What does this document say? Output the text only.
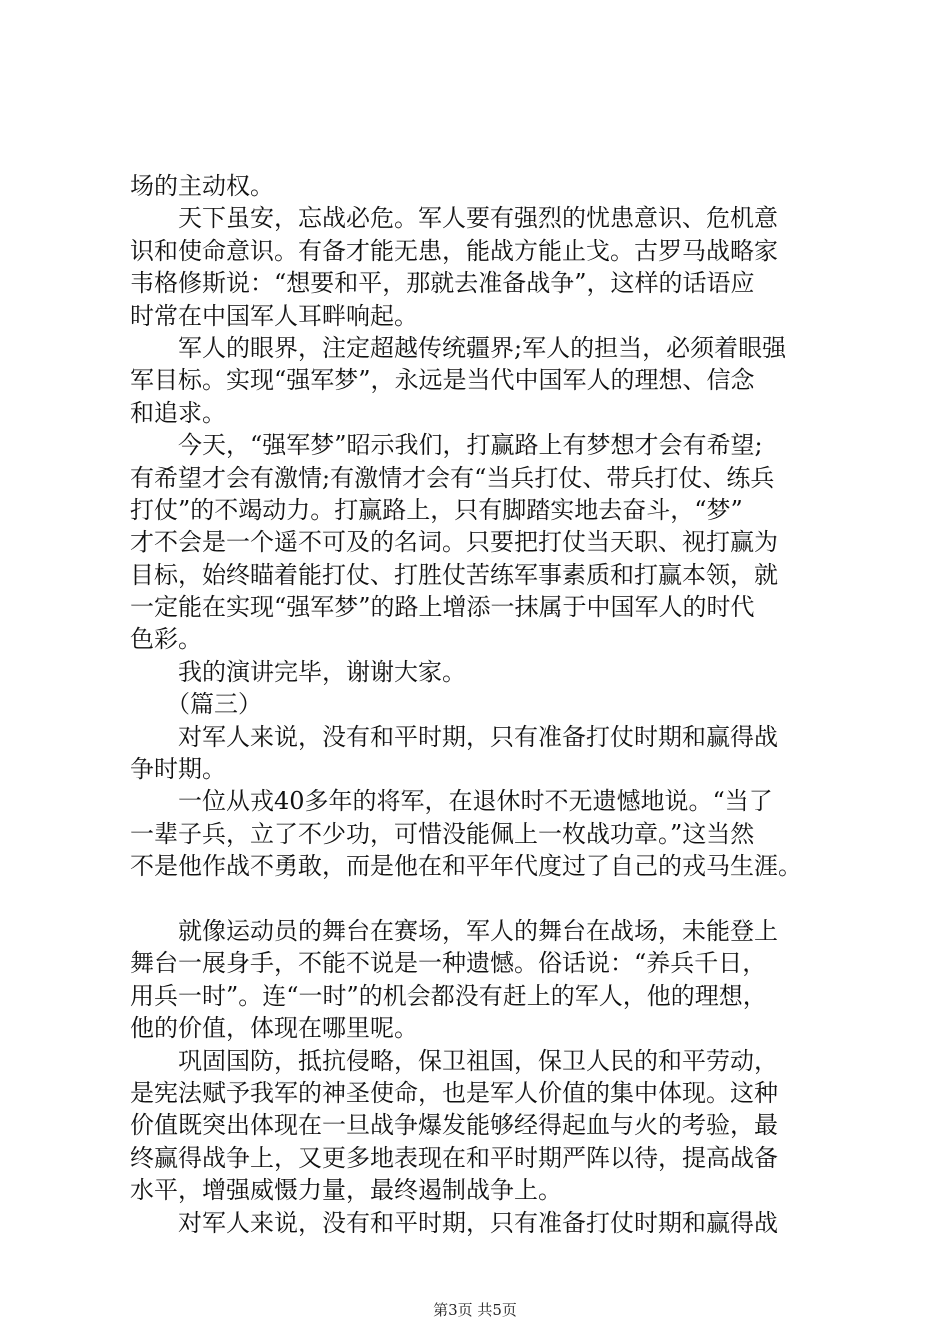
场的主动权。
　　天下虽安，忘战必危。军人要有强烈的忧患意识、危机意
识和使命意识。有备才能无患，能战方能止戈。古罗马战略家
韦格修斯说：“想要和平，那就去准备战争”，这样的话语应
时常在中国军人耳畔响起。
　　军人的眼界，注定超越传统疆界;军人的担当，必须着眼强
军目标。实现“强军梦”，永远是当代中国军人的理想、信念
和追求。
　　今天，“强军梦”昭示我们，打赢路上有梦想才会有希望;
有希望才会有激情;有激情才会有“当兵打仗、带兵打仗、练兵
打仗”的不竭动力。打赢路上，只有脚踏实地去奋斗，“梦”
才不会是一个遥不可及的名词。只要把打仗当天职、视打赢为
目标，始终瞄着能打仗、打胜仗苦练军事素质和打赢本领，就
一定能在实现“强军梦”的路上增添一抹属于中国军人的时代
色彩。
　　我的演讲完毕，谢谢大家。
　　（篇三）
　　对军人来说，没有和平时期，只有准备打仗时期和赢得战
争时期。
　　一位从戎40多年的将军，在退休时不无遗憾地说。“当了
一辈子兵，立了不少功，可惜没能佩上一枚战功章。”这当然
不是他作战不勇敢，而是他在和平年代度过了自己的戎马生涯。
　　就像运动员的舞台在赛场，军人的舞台在战场，未能登上
舞台一展身手，不能不说是一种遗憾。俗话说：“养兵千日，
用兵一时”。连“一时”的机会都没有赶上的军人，他的理想，
他的价值，体现在哪里呢。
　　巩固国防，抵抗侵略，保卫祖国，保卫人民的和平劳动，
是宪法赋予我军的神圣使命，也是军人价值的集中体现。这种
价值既突出体现在一旦战争爆发能够经得起血与火的考验，最
终赢得战争上，又更多地表现在和平时期严阵以待，提高战备
水平，增强威慑力量，最终遏制战争上。
　　对军人来说，没有和平时期，只有准备打仗时期和赢得战
第3页 共5页
